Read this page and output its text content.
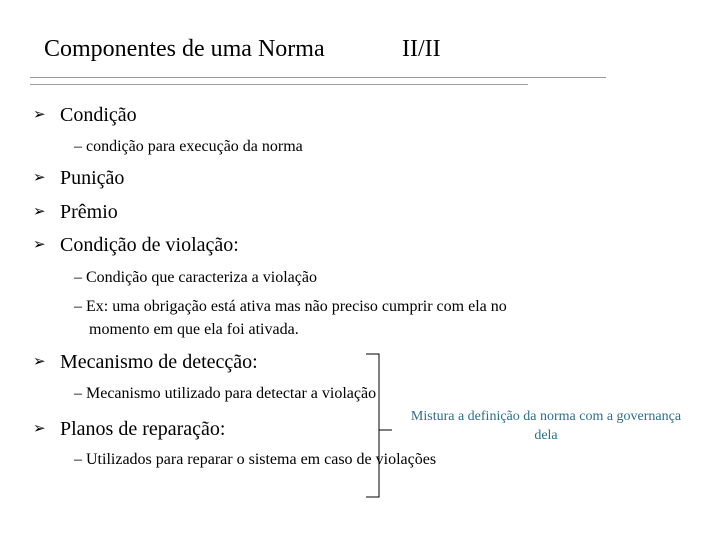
Componentes de uma Norma	II/II
➢ Condição
– condição para execução da norma
➢ Punição
➢ Prêmio
➢ Condição de violação:
– Condição que caracteriza a violação
– Ex: uma obrigação está ativa mas não preciso cumprir com ela no
momento em que ela foi ativada.
➢ Mecanismo de detecção:
– Mecanismo utilizado para detectar a violação
➢ Planos de reparação:
– Utilizados para reparar o sistema em caso de violações
Mistura a definição da norma com a governança dela
